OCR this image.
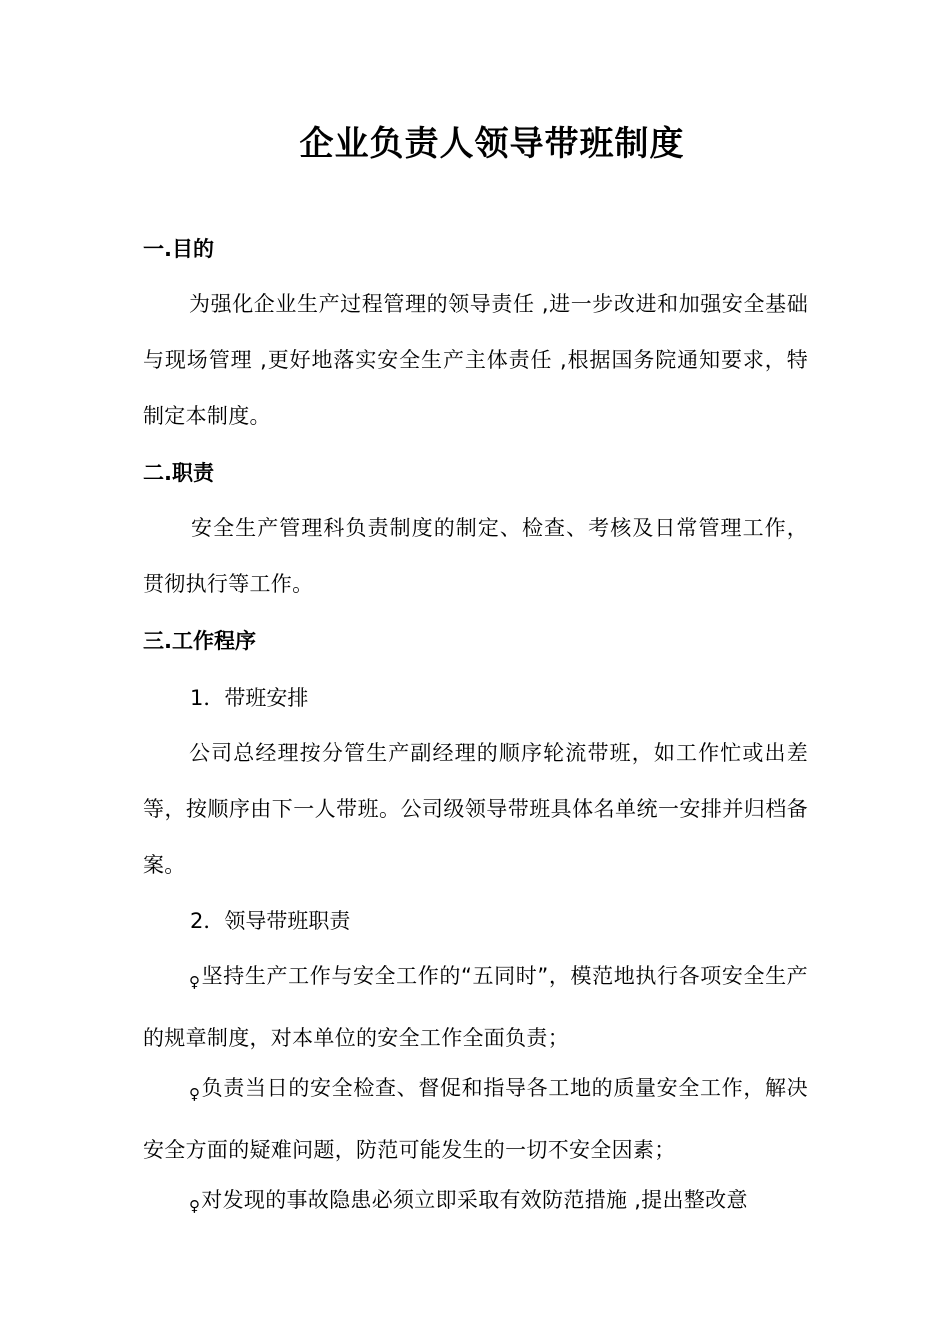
企业负责人领导带班制度
一.目的

为强化企业生产过程管理的领导责任 ,进一步改进和加强安全基础与现场管理 ,更好地落实安全生产主体责任 ,根据国务院通知要求，特制定本制度。

二.职责

安全生产管理科负责制度的制定、检查、考核及日常管理工作，贯彻执行等工作。

三.工作程序

1．带班安排

公司总经理按分管生产副经理的顺序轮流带班，如工作忙或出差等，按顺序由下一人带班。公司级领导带班具体名单统一安排并归档备案。

2．领导带班职责

♀坚持生产工作与安全工作的“五同时”，模范地执行各项安全生产的规章制度，对本单位的安全工作全面负责；

♀负责当日的安全检查、督促和指导各工地的质量安全工作，解决安全方面的疑难问题，防范可能发生的一切不安全因素；

♀对发现的事故隐患必须立即采取有效防范措施 ,提出整改意
